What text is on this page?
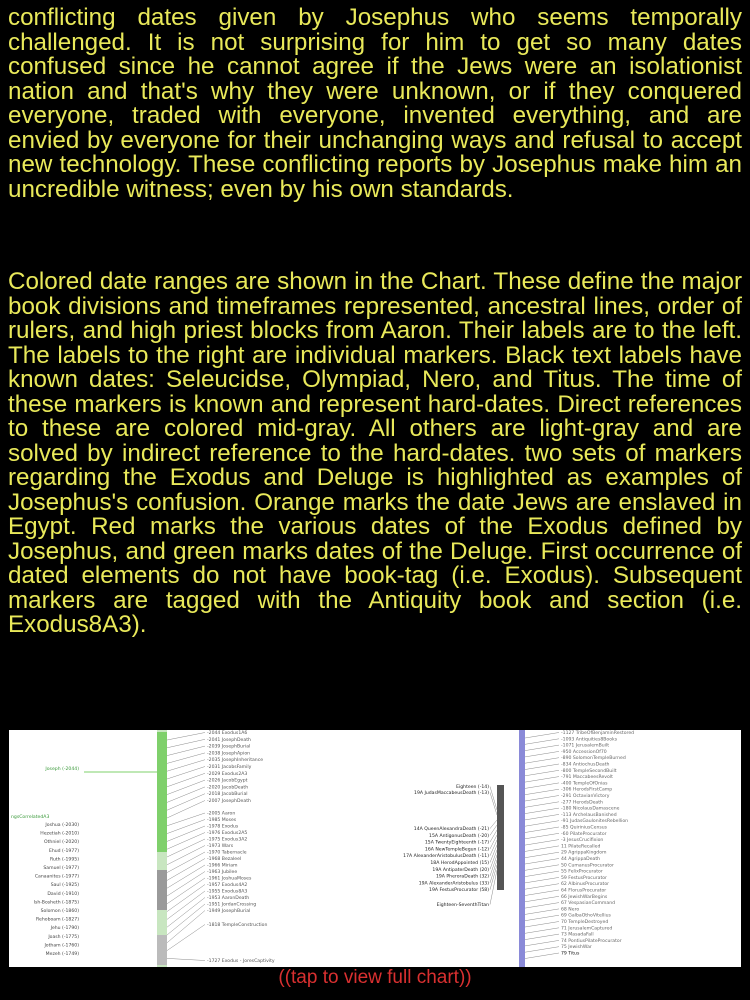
conflicting dates given by Josephus who seems temporally challenged. It is not surprising for him to get so many dates confused since he cannot agree if the Jews were an isolationist nation and that's why they were unknown, or if they conquered everyone, traded with everyone, invented everything, and are envied by everyone for their unchanging ways and refusal to accept new technology. These conflicting reports by Josephus make him an uncredible witness; even by his own standards.

Colored date ranges are shown in the Chart. These define the major book divisions and timeframes represented, ancestral lines, order of rulers, and high priest blocks from Aaron. Their labels are to the left. The labels to the right are individual markers. Black text labels have known dates: Seleucidse, Olympiad, Nero, and Titus. The time of these markers is known and represent hard-dates. Direct references to these are colored mid-gray. All others are light-gray and are solved by indirect reference to the hard-dates. two sets of markers regarding the Exodus and Deluge is highlighted as examples of Josephus's confusion. Orange marks the date Jews are enslaved in Egypt. Red marks the various dates of the Exodus defined by Josephus, and green marks dates of the Deluge. First occurrence of dated elements do not have book-tag (i.e. Exodus). Subsequent markers are tagged with the Antiquity book and section (i.e. Exodus8A3).

Joseph (-2044)
ngsCorrelatedA3
Joshua (-2030)
Hezetiah (-2010)
Othniel (-2020)
Ehud (-1977)
Ruth (-1995)
Samuel (-1977)
Canaanites (-1977)
Saul (-1925)
David (-1910)
Ish-Bosheth (-1875)
Solomon (-1860)
Rehoboam (-1827)
Jehu (-1790)
Joash (-1775)
Jotham (-1760)
Mezeh (-1749)
-2044 Exodus1A6
-2041 JosephDeath
-2039 JosephBurial
-2038 JosephApion
-2035 JosephInheritance
-2031 JacobsFamily
-2029 Exodus2A3
-2026 JacobEgypt
-2020 JacobDeath
-2018 JacobBurial
-2007 JosephDeath
-2005 Aaron
-1985 Moses
-1978 Exodus
-1976 Exodus2A5
-1975 Exodus3A2
-1973 Wars
-1970 Tabernacle
-1968 Bezaleel
-1966 Miriam
-1963 Jubilee
-1961 JoshuaMoses
-1957 Exodus4A2
-1955 Exodus8A3
-1953 AaronDeath
-1951 JordanCrossing
-1949 JosephBurial
-1818 TempleConstruction
-1727 Exodus - JoresCaptivity
Eighteen (-14)
19A JudasMaccabeusDeath (-13)
14A QueenAlexandraDeath (-21)
15A AntigonusDeath (-20)
15A TwentyEighteenth (-17)
16A NewTempleBegun (-12)
17A AlexanderAristobulusDeath (-11)
18A HerodAppointed (15)
19A AntipaterDeath (20)
19A PheroraDeath (32)
19A AlexanderAristobulus (33)
19A FestusProcurator (58)
Eighteen-SeventhTitan
-1127 TribeOfBenjaminRestored
-1093 Antiquities8Books
-1071 JerusalemBuilt
-950 AccessionOf70
-890 SolomonTempleBurned
-834 AntiochusDeath
-800 TempleSecondBuilt
-791 MaccabeesRevolt
-400 TempleOfOnias
-306 HerodsFirstCamp
-291 OctavianVictory
-277 HerodsDeath
-180 NicolausDamascene
-113 ArchelausBanished
-91 JudasGaulonitesRebellion
-85 QuiriniusCensus
-60 PilateProcurator
-3 JesusCrucifixion
11 PilateRecalled
29 AgrippaKingdom
44 AgrippaDeath
50 CumanusProcurator
55 FelixProcurator
59 FestusProcurator
62 AlbinusProcurator
64 FlorusProcurator
66 JewishWarBegins
67 VespasianCommand
68 Nero
69 GalbaOthoVitellius
70 TempleDestroyed
71 JerusalemCaptured
73 MasadaFall
74 PontiusPilateProcurator
75 JewishWar
79 Titus
((tap to view full chart))
